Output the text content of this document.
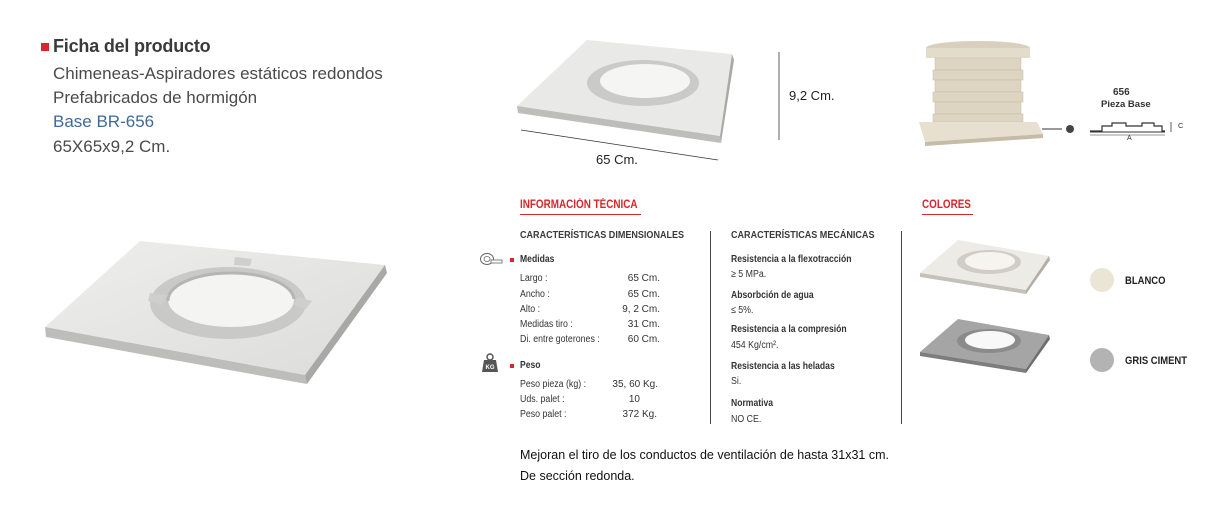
Ficha del producto
Chimeneas-Aspiradores estáticos redondos
Prefabricados de hormigón
Base BR-656
65X65x9,2 Cm.
9,2 Cm.
65 Cm.
656
Pieza Base
A
C
INFORMACIÓN TÉCNICA
CARACTERÍSTICAS DIMENSIONALES	CARACTERÍSTICAS MECÁNICAS
Medidas
Largo :	65 Cm.
Ancho :	65 Cm.
Alto :	9, 2 Cm.
Medidas tiro :	31 Cm.
Di. entre goterones :	60 Cm.
KG	Peso
Peso pieza (kg) :	35, 60 Kg.
Uds. palet :	10
Peso palet :	372 Kg.
Resistencia a la flexotracción
≥ 5 MPa.
Absorbción de agua
≤ 5%.
Resistencia a la compresión
454 Kg/cm².
Resistencia a las heladas
Si.
Normativa
NO CE.
COLORES
BLANCO
GRIS CIMENT
Mejoran el tiro de los conductos de ventilación de hasta 31x31 cm.
De sección redonda.
